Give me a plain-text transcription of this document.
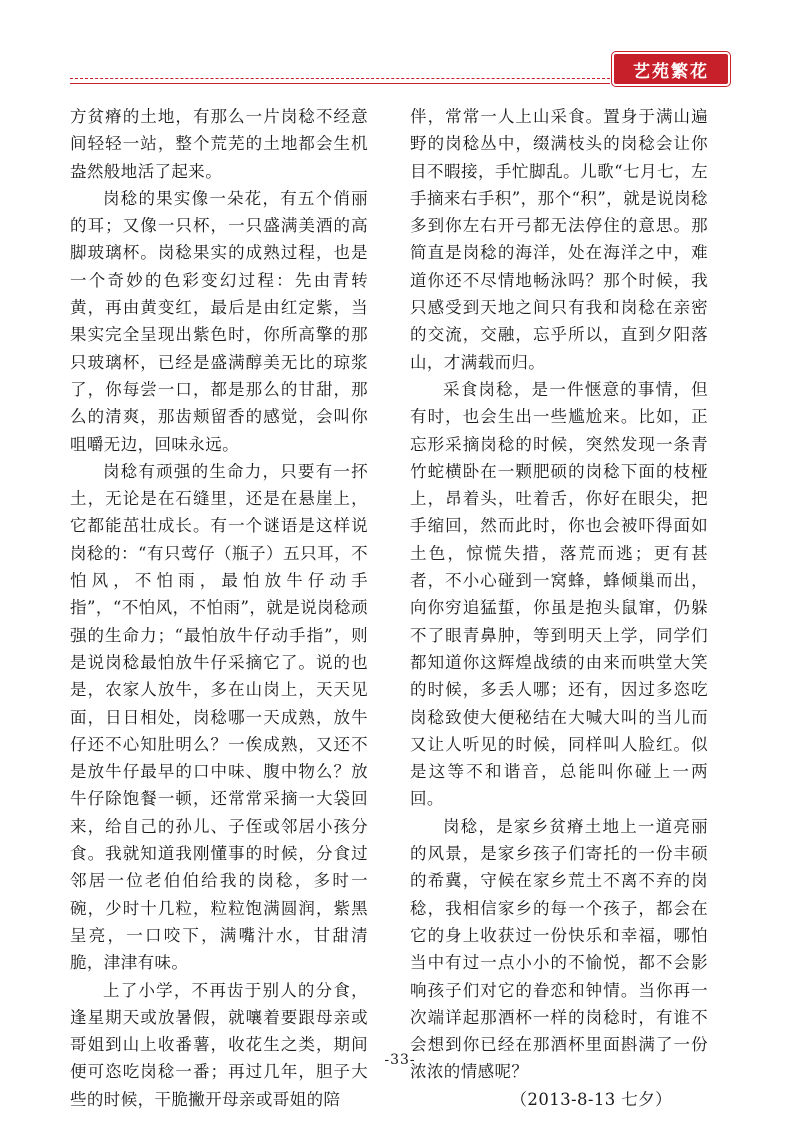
艺苑繁花

方贫瘠的土地，有那么一片岗稔不经意间轻轻一站，整个荒芜的土地都会生机盎然般地活了起来。

岗稔的果实像一朵花，有五个俏丽的耳；又像一只杯，一只盛满美酒的高脚玻璃杯。岗稔果实的成熟过程，也是一个奇妙的色彩变幻过程：先由青转黄，再由黄变红，最后是由红定紫，当果实完全呈现出紫色时，你所高擎的那只玻璃杯，已经是盛满醇美无比的琼浆了，你每尝一口，都是那么的甘甜，那么的清爽，那齿颊留香的感觉，会叫你咀嚼无边，回味永远。

岗稔有顽强的生命力，只要有一抔土，无论是在石缝里，还是在悬崖上，它都能茁壮成长。有一个谜语是这样说岗稔的：“有只莺仔（瓶子）五只耳，不怕风，不怕雨，最怕放牛仔动手指”，“不怕风，不怕雨”，就是说岗稔顽强的生命力；“最怕放牛仔动手指”，则是说岗稔最怕放牛仔采摘它了。说的也是，农家人放牛，多在山岗上，天天见面，日日相处，岗稔哪一天成熟，放牛仔还不心知肚明么？一俟成熟，又还不是放牛仔最早的口中味、腹中物么？放牛仔除饱餐一顿，还常常采摘一大袋回来，给自己的孙儿、子侄或邻居小孩分食。我就知道我刚懂事的时候，分食过邻居一位老伯伯给我的岗稔，多时一碗，少时十几粒，粒粒饱满圆润，紫黑呈亮，一口咬下，满嘴汁水，甘甜清脆，津津有味。

上了小学，不再齿于别人的分食，逢星期天或放暑假，就嚷着要跟母亲或哥姐到山上收番薯，收花生之类，期间便可恣吃岗稔一番；再过几年，胆子大些的时候，干脆撇开母亲或哥姐的陪

伴，常常一人上山采食。置身于满山遍野的岗稔丛中，缀满枝头的岗稔会让你目不暇接，手忙脚乱。儿歌“七月七，左手摘来右手积”，那个“积”，就是说岗稔多到你左右开弓都无法停住的意思。那简直是岗稔的海洋，处在海洋之中，难道你还不尽情地畅泳吗？那个时候，我只感受到天地之间只有我和岗稔在亲密的交流，交融，忘乎所以，直到夕阳落山，才满载而归。

采食岗稔，是一件惬意的事情，但有时，也会生出一些尴尬来。比如，正忘形采摘岗稔的时候，突然发现一条青竹蛇横卧在一颗肥硕的岗稔下面的枝桠上，昂着头，吐着舌，你好在眼尖，把手缩回，然而此时，你也会被吓得面如土色，惊慌失措，落荒而逃；更有甚者，不小心碰到一窝蜂，蜂倾巢而出，向你穷追猛蜇，你虽是抱头鼠窜，仍躲不了眼青鼻肿，等到明天上学，同学们都知道你这辉煌战绩的由来而哄堂大笑的时候，多丢人哪；还有，因过多恣吃岗稔致使大便秘结在大喊大叫的当儿而又让人听见的时候，同样叫人脸红。似是这等不和谐音，总能叫你碰上一两回。

岗稔，是家乡贫瘠土地上一道亮丽的风景，是家乡孩子们寄托的一份丰硕的希冀，守候在家乡荒土不离不弃的岗稔，我相信家乡的每一个孩子，都会在它的身上收获过一份快乐和幸福，哪怕当中有过一点小小的不愉悦，都不会影响孩子们对它的眷恋和钟情。当你再一次端详起那酒杯一样的岗稔时，有谁不会想到你已经在那酒杯里面斟满了一份浓浓的情感呢？

（2013-8-13 七夕）

-33-
